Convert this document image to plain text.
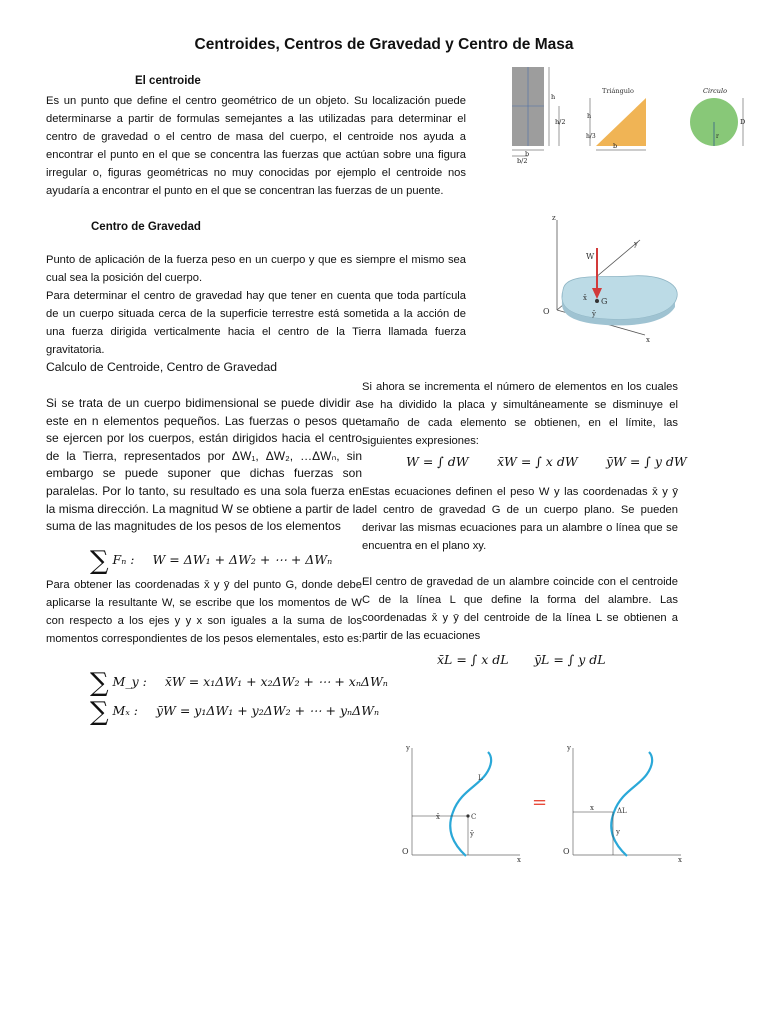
Centroides, Centros de Gravedad y Centro de Masa
El centroide
Es un punto que define el centro geométrico de un objeto. Su localización puede determinarse a partir de formulas semejantes a las utilizadas para determinar el centro de gravedad o el centro de masa del cuerpo, el centroide nos ayuda a encontrar el punto en el que se concentra las fuerzas que actúan sobre una figura irregular o, figuras geométricas no muy conocidas por ejemplo el centroide nos ayudaría a encontrar el punto en el que se concentran las fuerzas de un puente.
Centro de Gravedad
Punto de aplicación de la fuerza peso en un cuerpo y que es siempre el mismo sea cual sea la posición del cuerpo.
Para determinar el centro de gravedad hay que tener en cuenta que toda partícula de un cuerpo situada cerca de la superficie terrestre está sometida a la acción de una fuerza dirigida verticalmente hacia el centro de la Tierra llamada fuerza gravitatoria.
Calculo de Centroide, Centro de Gravedad
Si se trata de un cuerpo bidimensional se puede dividir a este en n elementos pequeños. Las fuerzas o pesos que se ejercen por los cuerpos, están dirigidos hacia el centro de la Tierra, representados por ΔW₁, ΔW₂, …ΔWₙ, sin embargo se puede suponer que dichas fuerzas son paralelas. Por lo tanto, su resultado es una sola fuerza en la misma dirección. La magnitud W se obtiene a partir de la suma de las magnitudes de los pesos de los elementos
∑ Fₙ : W = ΔW₁ + ΔW₂ + ⋯ + ΔWₙ
Para obtener las coordenadas x̄ y ȳ del punto G, donde debe aplicarse la resultante W, se escribe que los momentos de W con respecto a los ejes y y x son iguales a la suma de los momentos correspondientes de los pesos elementales, esto es:
∑ M_y : x̄W = x₁ΔW₁ + x₂ΔW₂ + ⋯ + xₙΔWₙ
∑ Mₓ : ȳW = y₁ΔW₁ + y₂ΔW₂ + ⋯ + yₙΔWₙ
Si ahora se incrementa el número de elementos en los cuales se ha dividido la placa y simultáneamente se disminuye el tamaño de cada elemento se obtienen, en el límite, las siguientes expresiones:
W = ∫ dW x̄W = ∫ x dW ȳW = ∫ y dW
Estas ecuaciones definen el peso W y las coordenadas x̄ y ȳ del centro de gravedad G de un cuerpo plano. Se pueden derivar las mismas ecuaciones para un alambre o línea que se encuentra en el plano xy.
El centro de gravedad de un alambre coincide con el centroide C de la línea L que define la forma del alambre. Las coordenadas x̄ y ȳ del centroide de la línea L se obtienen a partir de las ecuaciones
x̄L = ∫ x dL ȳL = ∫ y dL
h
h/2
b
b/2
Triángulo
h
h/3
b
Circulo
D
r
z
y
x
W
G
O
x̄
ȳ
y
x
O
L
C
x̄
ȳ
=
y
x
O
ΔL
x
y
